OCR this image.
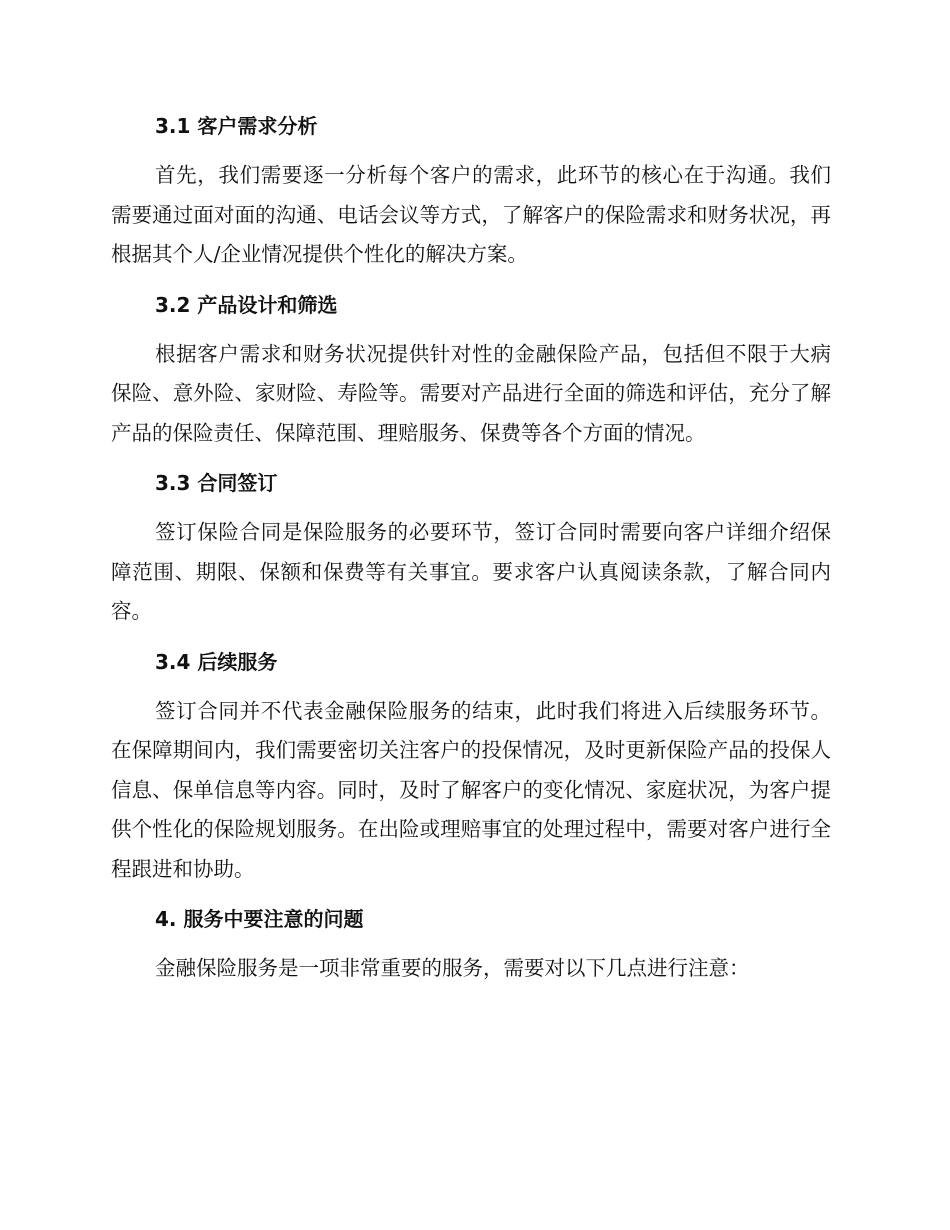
3.1 客户需求分析

首先，我们需要逐一分析每个客户的需求，此环节的核心在于沟通。我们需要通过面对面的沟通、电话会议等方式，了解客户的保险需求和财务状况，再根据其个人/企业情况提供个性化的解决方案。

3.2 产品设计和筛选

根据客户需求和财务状况提供针对性的金融保险产品，包括但不限于大病保险、意外险、家财险、寿险等。需要对产品进行全面的筛选和评估，充分了解产品的保险责任、保障范围、理赔服务、保费等各个方面的情况。

3.3 合同签订

签订保险合同是保险服务的必要环节，签订合同时需要向客户详细介绍保障范围、期限、保额和保费等有关事宜。要求客户认真阅读条款，了解合同内容。

3.4 后续服务

签订合同并不代表金融保险服务的结束，此时我们将进入后续服务环节。在保障期间内，我们需要密切关注客户的投保情况，及时更新保险产品的投保人信息、保单信息等内容。同时，及时了解客户的变化情况、家庭状况，为客户提供个性化的保险规划服务。在出险或理赔事宜的处理过程中，需要对客户进行全程跟进和协助。

4. 服务中要注意的问题

金融保险服务是一项非常重要的服务，需要对以下几点进行注意：
